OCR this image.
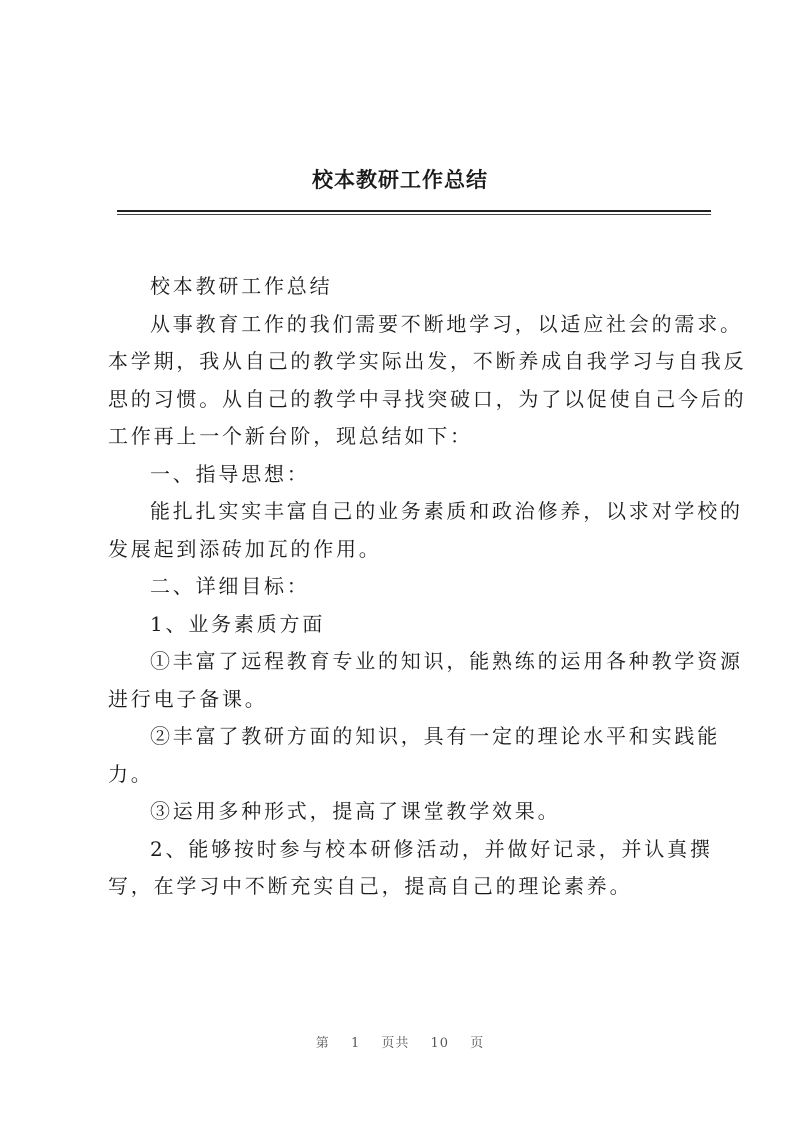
校本教研工作总结
校本教研工作总结
从事教育工作的我们需要不断地学习，以适应社会的需求。
本学期，我从自己的教学实际出发，不断养成自我学习与自我反
思的习惯。从自己的教学中寻找突破口，为了以促使自己今后的
工作再上一个新台阶，现总结如下：
一、指导思想：
能扎扎实实丰富自己的业务素质和政治修养，以求对学校的
发展起到添砖加瓦的作用。
二、详细目标：
1、业务素质方面
①丰富了远程教育专业的知识，能熟练的运用各种教学资源
进行电子备课。
②丰富了教研方面的知识，具有一定的理论水平和实践能
力。
③运用多种形式，提高了课堂教学效果。
2、能够按时参与校本研修活动，并做好记录，并认真撰
写，在学习中不断充实自己，提高自己的理论素养。
第 1 页共 10 页
